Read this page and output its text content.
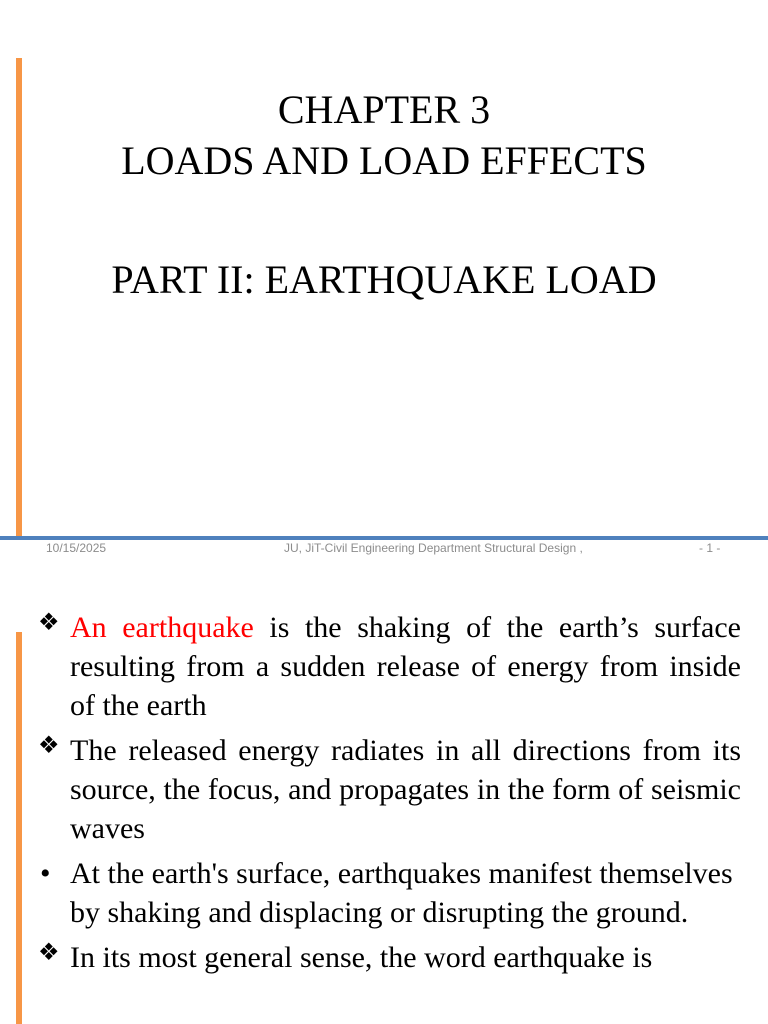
CHAPTER 3
LOADS AND LOAD EFFECTS
PART II: EARTHQUAKE LOAD
10/15/2025	JU, JiT-Civil Engineering Department Structural Design ,	- 1 -
❖ An earthquake is the shaking of the earth’s surface resulting from a sudden release of energy from inside of the earth
❖ The released energy radiates in all directions from its source, the focus, and propagates in the form of seismic waves
• At the earth's surface, earthquakes manifest themselves by shaking and displacing or disrupting the ground.
❖ In its most general sense, the word earthquake is
